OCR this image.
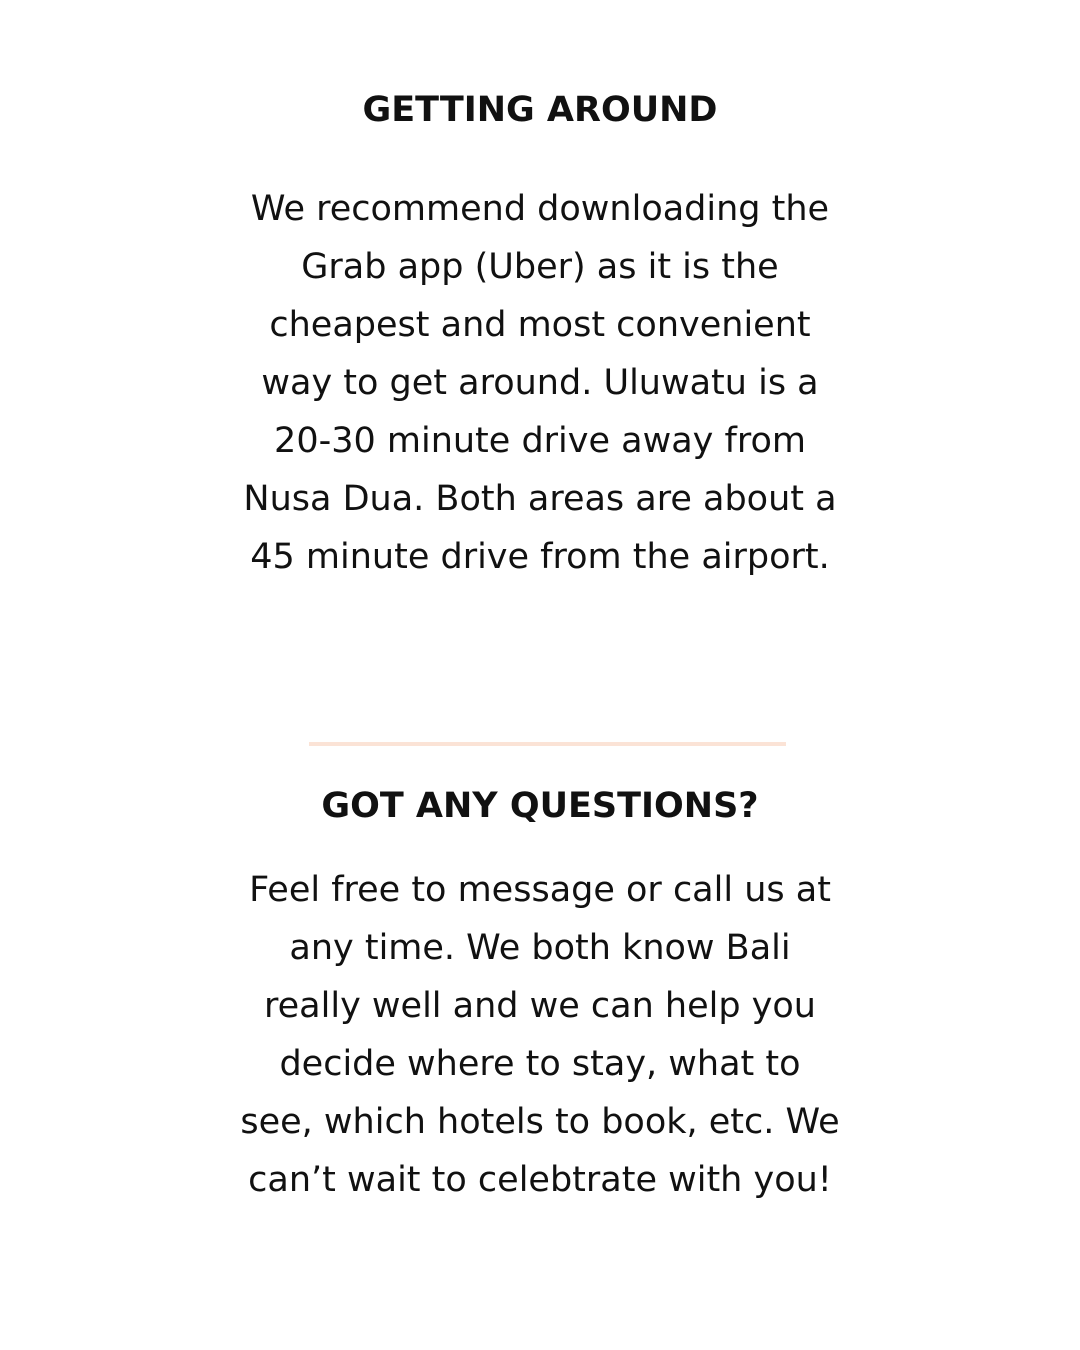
GETTING AROUND

We recommend downloading the Grab app (Uber) as it is the cheapest and most convenient way to get around. Uluwatu is a 20-30 minute drive away from Nusa Dua. Both areas are about a 45 minute drive from the airport.

GOT ANY QUESTIONS?

Feel free to message or call us at any time. We both know Bali really well and we can help you decide where to stay, what to see, which hotels to book, etc. We can’t wait to celebtrate with you!
